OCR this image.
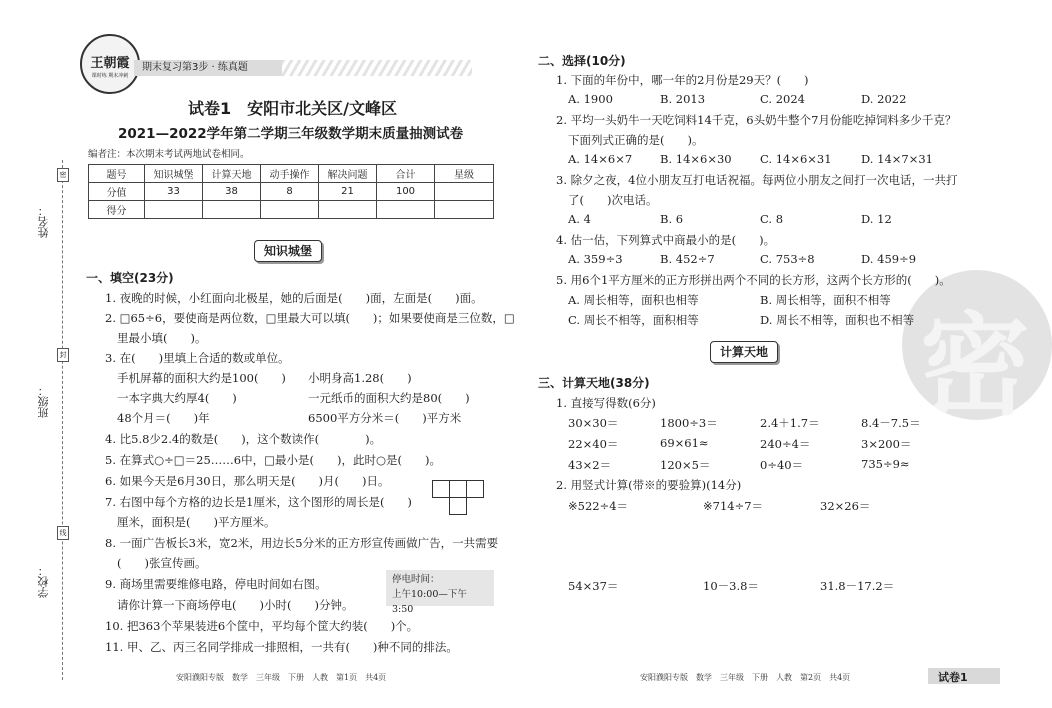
姓名：
班级：
学校：
密
封
线
王朝霞
课时练 期末冲刺
期末复习第3步 · 练真题
试卷1　安阳市北关区/文峰区
2021—2022学年第二学期三年级数学期末质量抽测试卷
编者注：本次期末考试两地试卷相同。
题号	知识城堡	计算天地	动手操作	解决问题	合计	星级
分值	33	38	8	21	100	
得分						
知识城堡
一、填空(23分)
1. 夜晚的时候，小红面向北极星，她的后面是(　　)面，左面是(　　)面。
2. □65÷6，要使商是两位数，□里最大可以填(　　)；如果要使商是三位数，□
里最小填(　　)。
3. 在(　　)里填上合适的数或单位。
手机屏幕的面积大约是100(　　) 小明身高1.28(　　)
一本字典大约厚4(　　)	一元纸币的面积大约是80(　　)
48个月＝(　　)年	6500平方分米＝(　　)平方米
4. 比5.8少2.4的数是(　　)，这个数读作(　　　　)。
5. 在算式○÷□＝25……6中，□最小是(　　)，此时○是(　　)。
6. 如果今天是6月30日，那么明天是(　　)月(　　)日。
7. 右图中每个方格的边长是1厘米，这个图形的周长是(　　)
厘米，面积是(　　)平方厘米。
8. 一面广告板长3米，宽2米，用边长5分米的正方形宣传画做广告，一共需要
(　　)张宣传画。
9. 商场里需要维修电路，停电时间如右图。
请你计算一下商场停电(　　)小时(　　)分钟。
停电时间：
上午10:00—下午3:50
10. 把363个苹果装进6个筐中，平均每个筐大约装(　　)个。
11. 甲、乙、丙三名同学排成一排照相，一共有(　　)种不同的排法。
安阳濮阳专版　数学　三年级　下册　人教　第1页　共4页
密
二、选择(10分)
1. 下面的年份中，哪一年的2月份是29天？(　　)
A. 1900	B. 2013	C. 2024	D. 2022
2. 平均一头奶牛一天吃饲料14千克，6头奶牛整个7月份能吃掉饲料多少千克？
下面列式正确的是(　　)。
A. 14×6×7 B. 14×6×30 C. 14×6×31	D. 14×7×31
3. 除夕之夜，4位小朋友互打电话祝福。每两位小朋友之间打一次电话，一共打
了(　　)次电话。
A. 4	B. 6	C. 8	D. 12
4. 估一估，下列算式中商最小的是(　　)。
A. 359÷3	B. 452÷7	C. 753÷8	D. 459÷9
5. 用6个1平方厘米的正方形拼出两个不同的长方形，这两个长方形的(　　)。
A. 周长相等，面积也相等	B. 周长相等，面积不相等
C. 周长不相等，面积相等	D. 周长不相等，面积也不相等
计算天地
三、计算天地(38分)
1. 直接写得数(6分)
30×30＝	1800÷3＝	2.4＋1.7＝	8.4－7.5＝
22×40＝	69×61≈	240÷4＝	3×200＝
43×2＝	120×5＝	0÷40＝	735÷9≈
2. 用竖式计算(带※的要验算)(14分)
※522÷4＝	※714÷7＝	32×26＝
54×37＝	10－3.8＝	31.8－17.2＝
安阳濮阳专版　数学　三年级　下册　人教　第2页　共4页	试卷1
